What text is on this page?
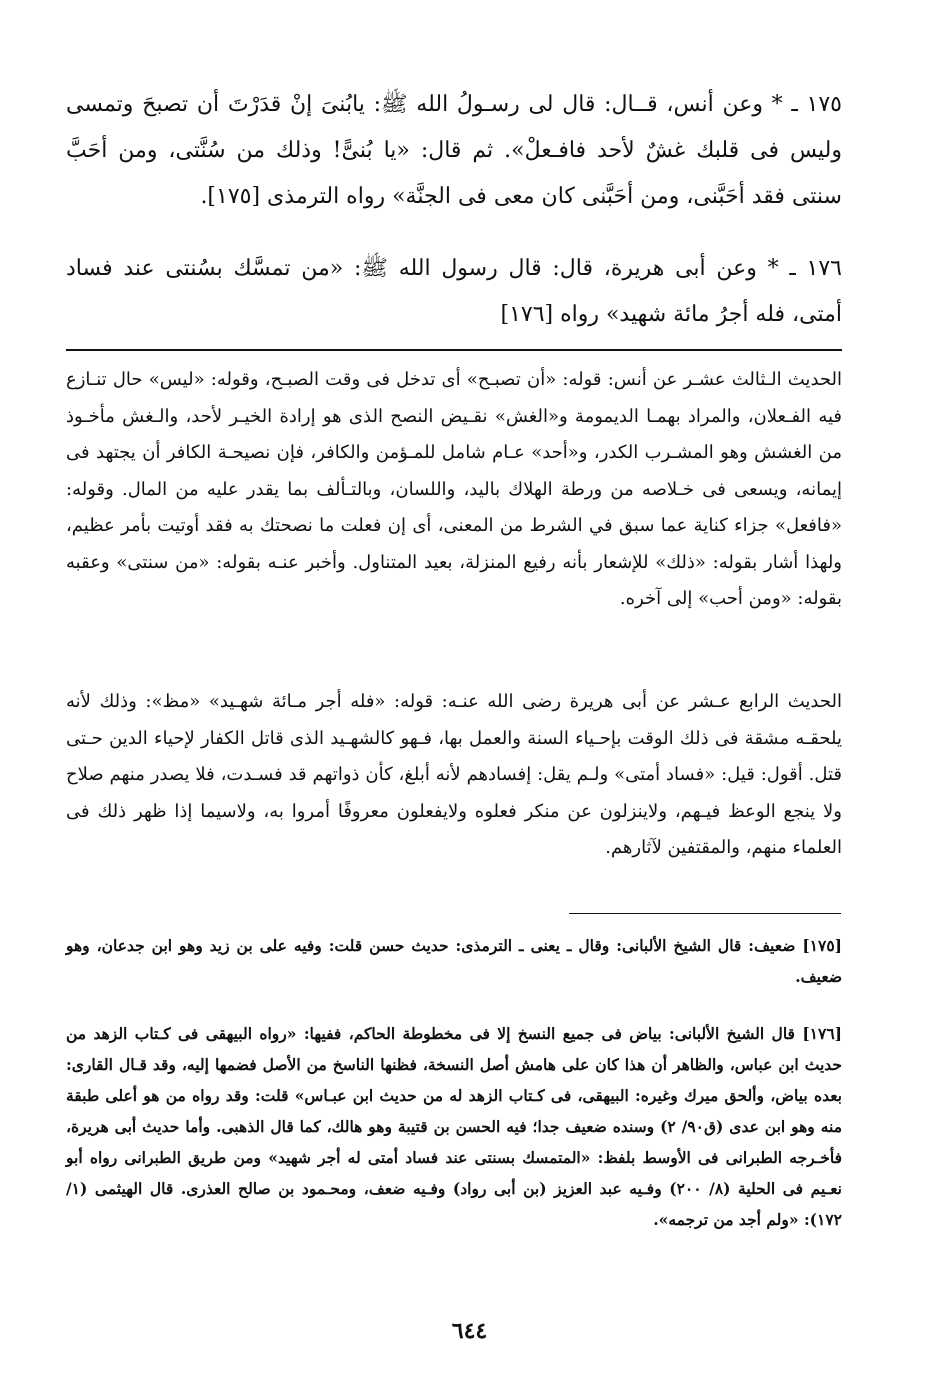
١٧٥ ـ * وعن أنس، قــال: قال لى رسـولُ الله ﷺ: يابُنىَ إنْ قدَرْتَ أن تصبحَ وتمسى وليس فى قلبك غشٌ لأحد فافـعلْ». ثم قال: «يا بُنىًّ! وذلك من سُنَّتى، ومن أحَبَّ سنتى فقد أحَبَّنى، ومن أحَبَّنى كان معى فى الجنَّة» رواه الترمذى [١٧٥].

١٧٦ ـ * وعن أبى هريرة، قال: قال رسول الله ﷺ: «من تمسَّك بسُنتى عند فساد أمتى، فله أجرُ مائة شهيد» رواه [١٧٦]

الحديث الـثالث عشـر عن أنس: قوله: «أن تصبـح» أى تدخل فى وقت الصبـح، وقوله: «ليس» حال تنـازع فيه الفـعلان، والمراد بهمـا الديمومة و«الغش» نقـيض النصح الذى هو إرادة الخيـر لأحد، والـغش مأخـوذ من الغشش وهو المشـرب الكدر، و«أحد» عـام شامل للمـؤمن والكافر، فإن نصيحـة الكافر أن يجتهد فى إيمانه، ويسعى فى خـلاصه من ورطة الهلاك باليد، واللسان، وبالتـألف بما يقدر عليه من المال. وقوله: «فافعل» جزاء كناية عما سبق في الشرط من المعنى، أى إن فعلت ما نصحتك به فقد أوتيت بأمر عظيم، ولهذا أشار بقوله: «ذلك» للإشعار بأنه رفيع المنزلة، بعيد المتناول. وأخبر عنـه بقوله: «من سنتى» وعقبه بقوله: «ومن أحب» إلى آخره.

الحديث الرابع عـشر عن أبى هريرة رضى الله عنـه: قوله: «فله أجر مـائة شهـيد» «مظ»: وذلك لأنه يلحقـه مشقة فى ذلك الوقت بإحـياء السنة والعمل بها، فـهو كالشهـيد الذى قاتل الكفار لإحياء الدين حـتى قتل. أقول: قيل: «فساد أمتى» ولـم يقل: إفسادهم لأنه أبلغ، كأن ذواتهم قد فسـدت، فلا يصدر منهم صلاح ولا ينجع الوعظ فيـهم، ولاينزلون عن منكر فعلوه ولايفعلون معروفًا أمروا به، ولاسيما إذا ظهر ذلك فى العلماء منهم، والمقتفين لآثارهم.

[١٧٥] ضعيف: قال الشيخ الألبانى: وقال ـ يعنى ـ الترمذى: حديث حسن قلت: وفيه على بن زيد وهو ابن جدعان، وهو ضعيف.

[١٧٦] قال الشيخ الألبانى: بياض فى جميع النسخ إلا فى مخطوطة الحاكم، ففيها: «رواه البيهقى فى كـتاب الزهد من حديث ابن عباس، والظاهر أن هذا كان على هامش أصل النسخة، فظنها الناسخ من الأصل فضمها إليه، وقد قـال القارى: بعده بياض، وألحق ميرك وغيره: البيهقى، فى كـتاب الزهد له من حديث ابن عبـاس» قلت: وقد رواه من هو أعلى طبقة منه وهو ابن عدى (ق٩٠/ ٢) وسنده ضعيف جدا؛ فيه الحسن بن قتيبة وهو هالك، كما قال الذهبى. وأما حديث أبى هريرة، فأخـرجه الطبرانى فى الأوسط بلفظ: «المتمسك بسنتى عند فساد أمتى له أجر شهيد» ومن طريق الطبرانى رواه أبو نعـيم فى الحلية (٨/ ٢٠٠) وفـيه عبد العزيز (بن أبى رواد) وفـيه ضعف، ومحـمود بن صالح العذرى. قال الهيثمى (١/ ١٧٢): «ولم أجد من ترجمه».

٦٤٤
